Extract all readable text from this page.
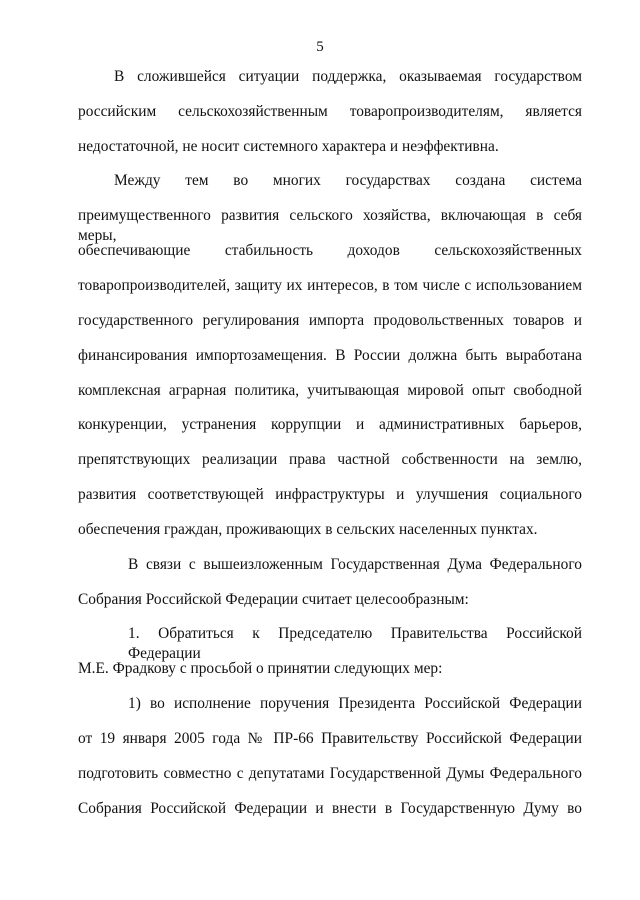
5
В сложившейся ситуации поддержка, оказываемая государством
российским сельскохозяйственным товаропроизводителям, является
недостаточной, не носит системного характера и неэффективна.
Между тем во многих государствах создана система
преимущественного развития сельского хозяйства, включающая в себя меры,
обеспечивающие стабильность доходов сельскохозяйственных
товаропроизводителей, защиту их интересов, в том числе с использованием
государственного регулирования импорта продовольственных товаров и
финансирования импортозамещения. В России должна быть выработана
комплексная аграрная политика, учитывающая мировой опыт свободной
конкуренции, устранения коррупции и административных барьеров,
препятствующих реализации права частной собственности на землю,
развития соответствующей инфраструктуры и улучшения социального
обеспечения граждан, проживающих в сельских населенных пунктах.
В связи с вышеизложенным Государственная Дума Федерального
Собрания Российской Федерации считает целесообразным:
1. Обратиться к Председателю Правительства Российской Федерации
М.Е. Фрадкову с просьбой о принятии следующих мер:
1) во исполнение поручения Президента Российской Федерации
от 19 января 2005 года № ПР-66 Правительству Российской Федерации
подготовить совместно с депутатами Государственной Думы Федерального
Собрания Российской Федерации и внести в Государственную Думу во
